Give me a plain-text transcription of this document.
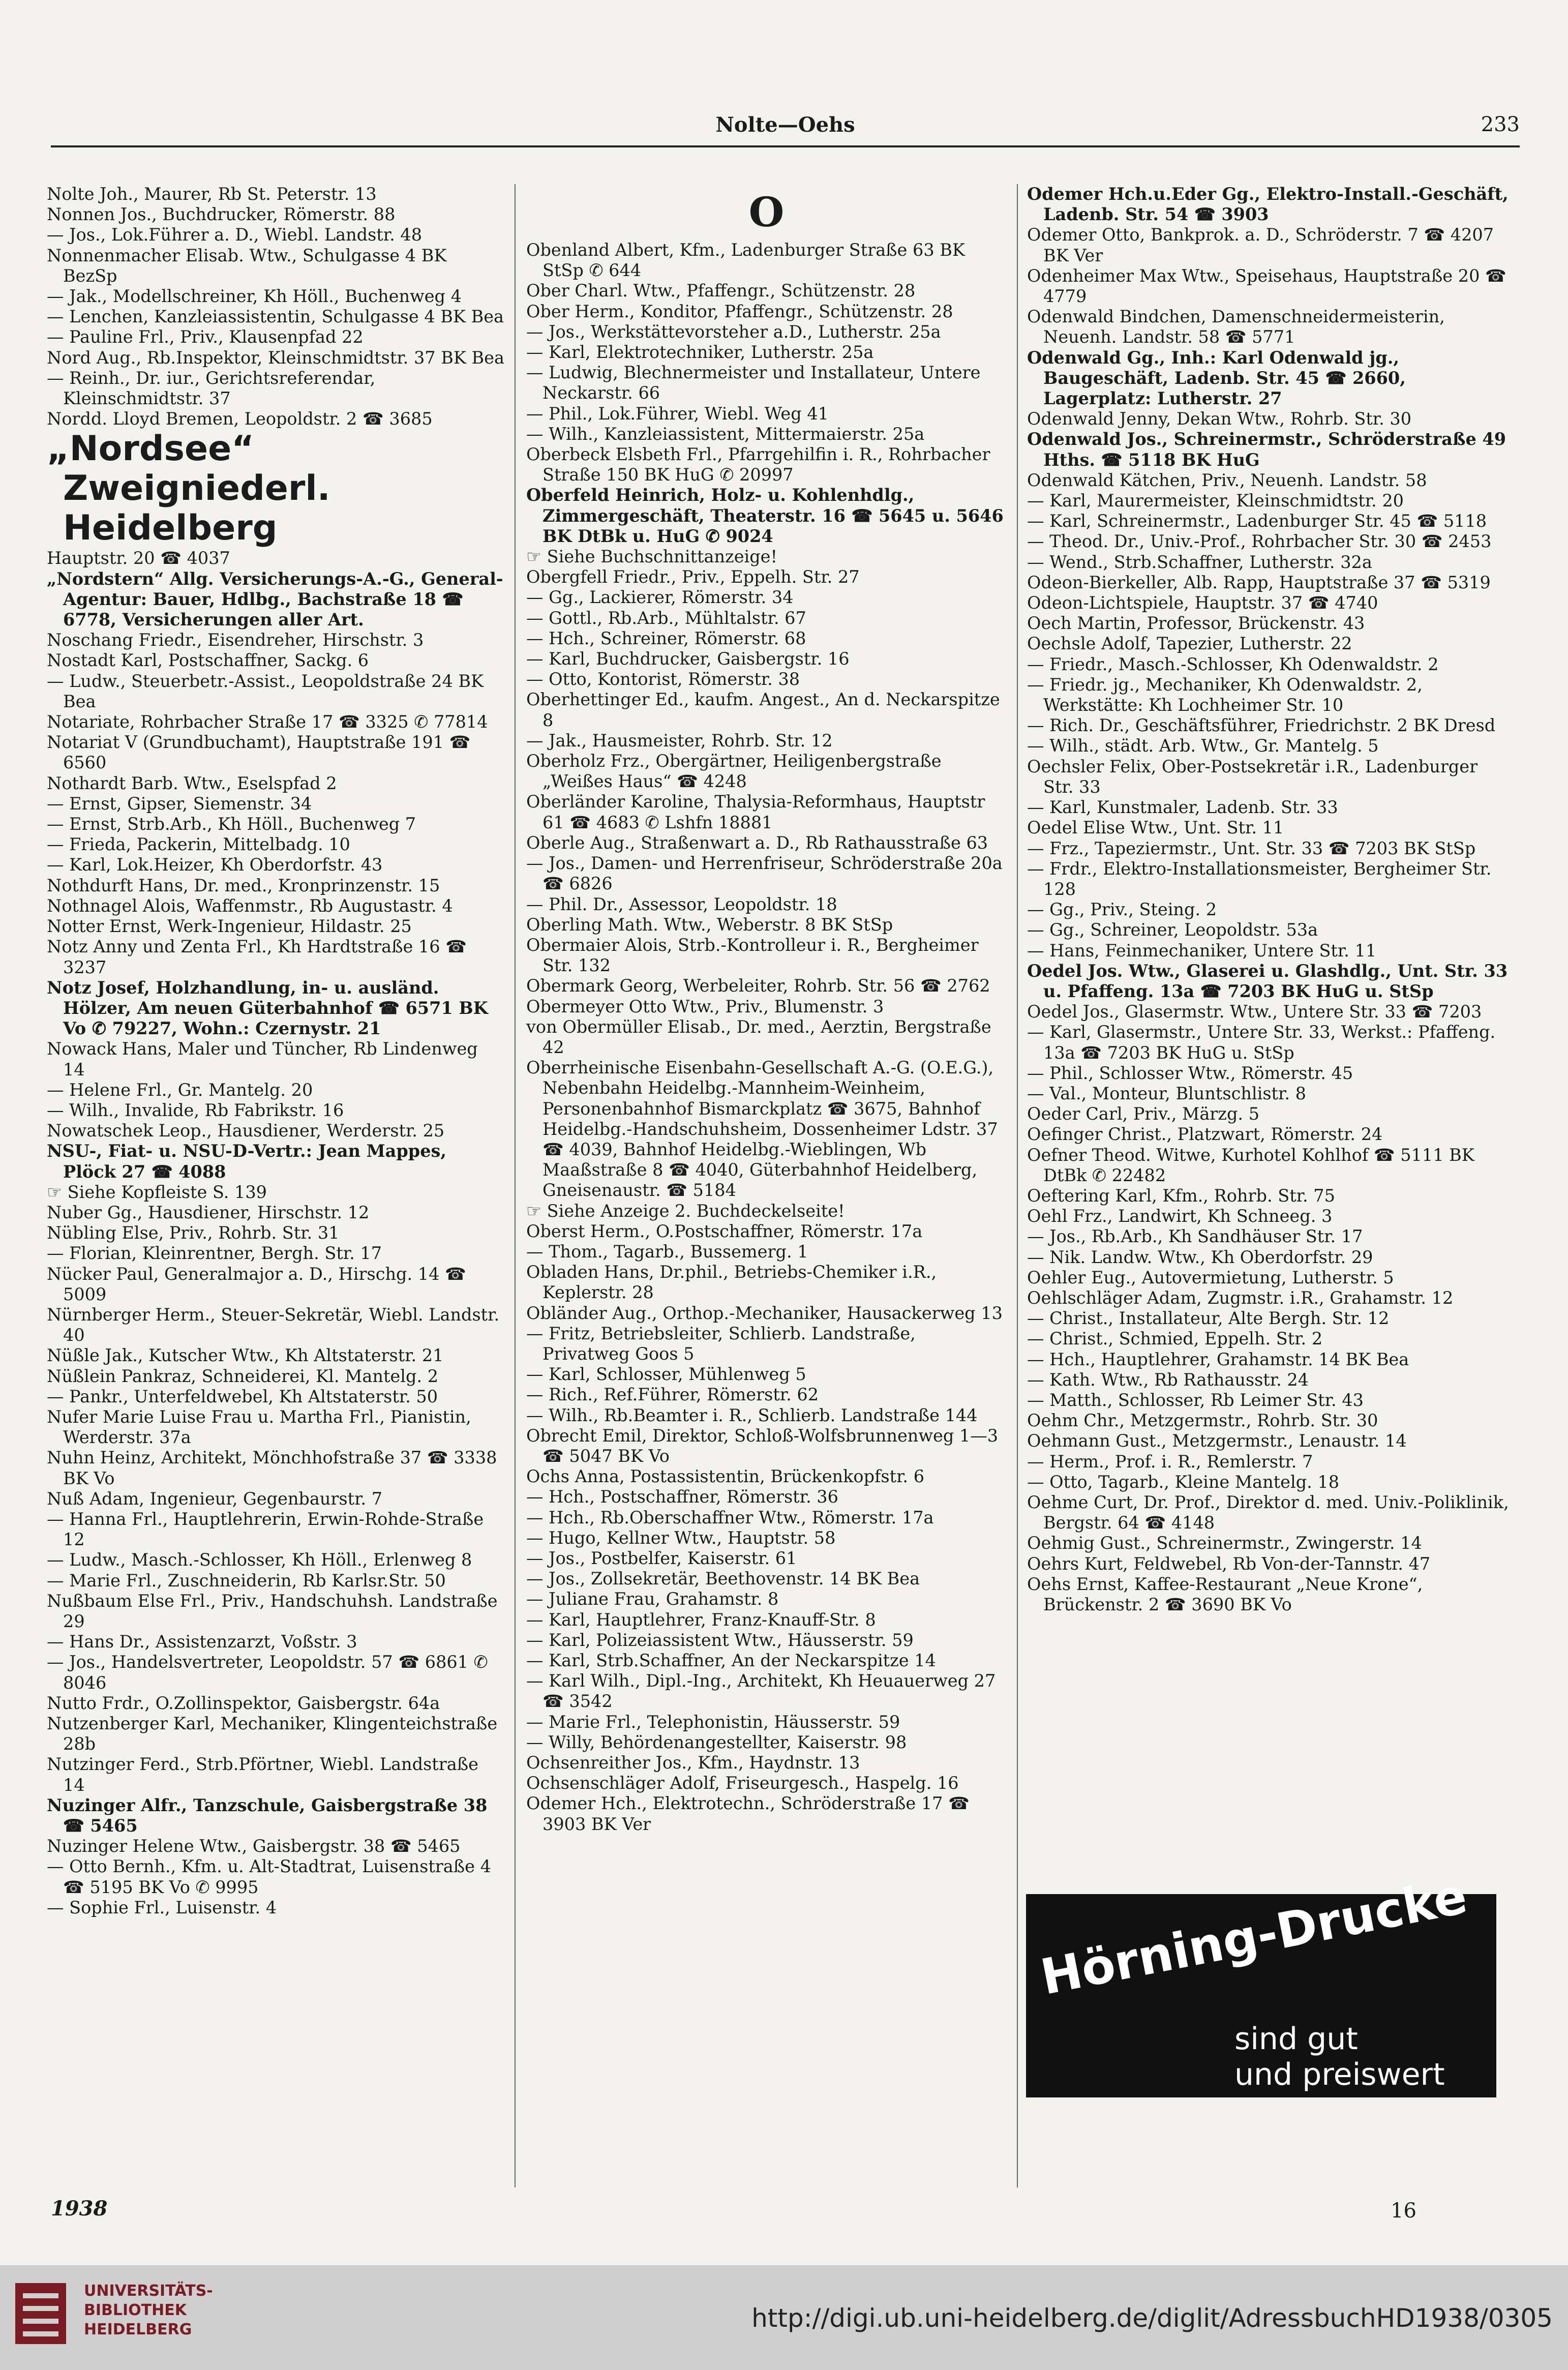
Nolte—Oehs	233
Nolte Joh., Maurer, Rb St. Peterstr. 13
Nonnen Jos., Buchdrucker, Römerstr. 88
— Jos., Lok.Führer a. D., Wiebl. Landstr. 48
Nonnenmacher Elisab. Wtw., Schulgasse 4 BK BezSp
— Jak., Modellschreiner, Kh Höll., Buchenweg 4
— Lenchen, Kanzleiassistentin, Schulgasse 4 BK Bea
— Pauline Frl., Priv., Klausenpfad 22
Nord Aug., Rb.Inspektor, Kleinschmidtstr. 37 BK Bea
— Reinh., Dr. iur., Gerichtsreferendar, Kleinschmidtstr. 37
Nordd. Lloyd Bremen, Leopoldstr. 2 ☎ 3685
„Nordsee“ Zweigniederl. Heidelberg
Hauptstr. 20 ☎ 4037
„Nordstern“ Allg. Versicherungs-A.-G., General-Agentur: Bauer, Hdlbg., Bachstraße 18 ☎ 6778, Versicherungen aller Art.
Noschang Friedr., Eisendreher, Hirschstr. 3
Nostadt Karl, Postschaffner, Sackg. 6
— Ludw., Steuerbetr.-Assist., Leopoldstraße 24 BK Bea
Notariate, Rohrbacher Straße 17 ☎ 3325 ✆ 77814
Notariat V (Grundbuchamt), Hauptstraße 191 ☎ 6560
Nothardt Barb. Wtw., Eselspfad 2
— Ernst, Gipser, Siemenstr. 34
— Ernst, Strb.Arb., Kh Höll., Buchenweg 7
— Frieda, Packerin, Mittelbadg. 10
— Karl, Lok.Heizer, Kh Oberdorfstr. 43
Nothdurft Hans, Dr. med., Kronprinzenstr. 15
Nothnagel Alois, Waffenmstr., Rb Augustastr. 4
Notter Ernst, Werk-Ingenieur, Hildastr. 25
Notz Anny und Zenta Frl., Kh Hardtstraße 16 ☎ 3237
Notz Josef, Holzhandlung, in- u. ausländ. Hölzer, Am neuen Güterbahnhof ☎ 6571 BK Vo ✆ 79227, Wohn.: Czernystr. 21
Nowack Hans, Maler und Tüncher, Rb Lindenweg 14
— Helene Frl., Gr. Mantelg. 20
— Wilh., Invalide, Rb Fabrikstr. 16
Nowatschek Leop., Hausdiener, Werderstr. 25
NSU-, Fiat- u. NSU-D-Vertr.: Jean Mappes, Plöck 27 ☎ 4088
☞ Siehe Kopfleiste S. 139
Nuber Gg., Hausdiener, Hirschstr. 12
Nübling Else, Priv., Rohrb. Str. 31
— Florian, Kleinrentner, Bergh. Str. 17
Nücker Paul, Generalmajor a. D., Hirschg. 14 ☎ 5009
Nürnberger Herm., Steuer-Sekretär, Wiebl. Landstr. 40
Nüßle Jak., Kutscher Wtw., Kh Altstaterstr. 21
Nüßlein Pankraz, Schneiderei, Kl. Mantelg. 2
— Pankr., Unterfeldwebel, Kh Altstaterstr. 50
Nufer Marie Luise Frau u. Martha Frl., Pianistin, Werderstr. 37a
Nuhn Heinz, Architekt, Mönchhofstraße 37 ☎ 3338 BK Vo
Nuß Adam, Ingenieur, Gegenbaurstr. 7
— Hanna Frl., Hauptlehrerin, Erwin-Rohde-Straße 12
— Ludw., Masch.-Schlosser, Kh Höll., Erlenweg 8
— Marie Frl., Zuschneiderin, Rb Karlsr.Str. 50
Nußbaum Else Frl., Priv., Handschuhsh. Landstraße 29
— Hans Dr., Assistenzarzt, Voßstr. 3
— Jos., Handelsvertreter, Leopoldstr. 57 ☎ 6861 ✆ 8046
Nutto Frdr., O.Zollinspektor, Gaisbergstr. 64a
Nutzenberger Karl, Mechaniker, Klingenteichstraße 28b
Nutzinger Ferd., Strb.Pförtner, Wiebl. Landstraße 14
Nuzinger Alfr., Tanzschule, Gaisbergstraße 38 ☎ 5465
Nuzinger Helene Wtw., Gaisbergstr. 38 ☎ 5465
— Otto Bernh., Kfm. u. Alt-Stadtrat, Luisenstraße 4 ☎ 5195 BK Vo ✆ 9995
— Sophie Frl., Luisenstr. 4
O
Obenland Albert, Kfm., Ladenburger Straße 63 BK StSp ✆ 644
Ober Charl. Wtw., Pfaffengr., Schützenstr. 28
Ober Herm., Konditor, Pfaffengr., Schützenstr. 28
— Jos., Werkstättevorsteher a.D., Lutherstr. 25a
— Karl, Elektrotechniker, Lutherstr. 25a
— Ludwig, Blechnermeister und Installateur, Untere Neckarstr. 66
— Phil., Lok.Führer, Wiebl. Weg 41
— Wilh., Kanzleiassistent, Mittermaierstr. 25a
Oberbeck Elsbeth Frl., Pfarrgehilfin i. R., Rohrbacher Straße 150 BK HuG ✆ 20997
Oberfeld Heinrich, Holz- u. Kohlenhdlg., Zimmergeschäft, Theaterstr. 16 ☎ 5645 u. 5646 BK DtBk u. HuG ✆ 9024
☞ Siehe Buchschnittanzeige!
Obergfell Friedr., Priv., Eppelh. Str. 27
— Gg., Lackierer, Römerstr. 34
— Gottl., Rb.Arb., Mühltalstr. 67
— Hch., Schreiner, Römerstr. 68
— Karl, Buchdrucker, Gaisbergstr. 16
— Otto, Kontorist, Römerstr. 38
Oberhettinger Ed., kaufm. Angest., An d. Neckarspitze 8
— Jak., Hausmeister, Rohrb. Str. 12
Oberholz Frz., Obergärtner, Heiligenbergstraße „Weißes Haus“ ☎ 4248
Oberländer Karoline, Thalysia-Reformhaus, Hauptstr 61 ☎ 4683 ✆ Lshfn 18881
Oberle Aug., Straßenwart a. D., Rb Rathausstraße 63
— Jos., Damen- und Herrenfriseur, Schröderstraße 20a ☎ 6826
— Phil. Dr., Assessor, Leopoldstr. 18
Oberling Math. Wtw., Weberstr. 8 BK StSp
Obermaier Alois, Strb.-Kontrolleur i. R., Bergheimer Str. 132
Obermark Georg, Werbeleiter, Rohrb. Str. 56 ☎ 2762
Obermeyer Otto Wtw., Priv., Blumenstr. 3
von Obermüller Elisab., Dr. med., Aerztin, Bergstraße 42
Oberrheinische Eisenbahn-Gesellschaft A.-G. (O.E.G.), Nebenbahn Heidelbg.-Mannheim-Weinheim, Personenbahnhof Bismarckplatz ☎ 3675, Bahnhof Heidelbg.-Handschuhsheim, Dossenheimer Ldstr. 37 ☎ 4039, Bahnhof Heidelbg.-Wieblingen, Wb Maaßstraße 8 ☎ 4040, Güterbahnhof Heidelberg, Gneisenaustr. ☎ 5184
☞ Siehe Anzeige 2. Buchdeckelseite!
Oberst Herm., O.Postschaffner, Römerstr. 17a
— Thom., Tagarb., Bussemerg. 1
Obladen Hans, Dr.phil., Betriebs-Chemiker i.R., Keplerstr. 28
Obländer Aug., Orthop.-Mechaniker, Hausackerweg 13
— Fritz, Betriebsleiter, Schlierb. Landstraße, Privatweg Goos 5
— Karl, Schlosser, Mühlenweg 5
— Rich., Ref.Führer, Römerstr. 62
— Wilh., Rb.Beamter i. R., Schlierb. Landstraße 144
Obrecht Emil, Direktor, Schloß-Wolfsbrunnenweg 1—3 ☎ 5047 BK Vo
Ochs Anna, Postassistentin, Brückenkopfstr. 6
— Hch., Postschaffner, Römerstr. 36
— Hch., Rb.Oberschaffner Wtw., Römerstr. 17a
— Hugo, Kellner Wtw., Hauptstr. 58
— Jos., Postbelfer, Kaiserstr. 61
— Jos., Zollsekretär, Beethovenstr. 14 BK Bea
— Juliane Frau, Grahamstr. 8
— Karl, Hauptlehrer, Franz-Knauff-Str. 8
— Karl, Polizeiassistent Wtw., Häusserstr. 59
— Karl, Strb.Schaffner, An der Neckarspitze 14
— Karl Wilh., Dipl.-Ing., Architekt, Kh Heuauerweg 27 ☎ 3542
— Marie Frl., Telephonistin, Häusserstr. 59
— Willy, Behördenangestellter, Kaiserstr. 98
Ochsenreither Jos., Kfm., Haydnstr. 13
Ochsenschläger Adolf, Friseurgesch., Haspelg. 16
Odemer Hch., Elektrotechn., Schröderstraße 17 ☎ 3903 BK Ver
Odemer Hch.u.Eder Gg., Elektro-Install.-Geschäft, Ladenb. Str. 54 ☎ 3903
Odemer Otto, Bankprok. a. D., Schröderstr. 7 ☎ 4207 BK Ver
Odenheimer Max Wtw., Speisehaus, Hauptstraße 20 ☎ 4779
Odenwald Bindchen, Damenschneidermeisterin, Neuenh. Landstr. 58 ☎ 5771
Odenwald Gg., Inh.: Karl Odenwald jg., Baugeschäft, Ladenb. Str. 45 ☎ 2660, Lagerplatz: Lutherstr. 27
Odenwald Jenny, Dekan Wtw., Rohrb. Str. 30
Odenwald Jos., Schreinermstr., Schröderstraße 49 Hths. ☎ 5118 BK HuG
Odenwald Kätchen, Priv., Neuenh. Landstr. 58
— Karl, Maurermeister, Kleinschmidtstr. 20
— Karl, Schreinermstr., Ladenburger Str. 45 ☎ 5118
— Theod. Dr., Univ.-Prof., Rohrbacher Str. 30 ☎ 2453
— Wend., Strb.Schaffner, Lutherstr. 32a
Odeon-Bierkeller, Alb. Rapp, Hauptstraße 37 ☎ 5319
Odeon-Lichtspiele, Hauptstr. 37 ☎ 4740
Oech Martin, Professor, Brückenstr. 43
Oechsle Adolf, Tapezier, Lutherstr. 22
— Friedr., Masch.-Schlosser, Kh Odenwaldstr. 2
— Friedr. jg., Mechaniker, Kh Odenwaldstr. 2, Werkstätte: Kh Lochheimer Str. 10
— Rich. Dr., Geschäftsführer, Friedrichstr. 2 BK Dresd
— Wilh., städt. Arb. Wtw., Gr. Mantelg. 5
Oechsler Felix, Ober-Postsekretär i.R., Ladenburger Str. 33
— Karl, Kunstmaler, Ladenb. Str. 33
Oedel Elise Wtw., Unt. Str. 11
— Frz., Tapeziermstr., Unt. Str. 33 ☎ 7203 BK StSp
— Frdr., Elektro-Installationsmeister, Bergheimer Str. 128
— Gg., Priv., Steing. 2
— Gg., Schreiner, Leopoldstr. 53a
— Hans, Feinmechaniker, Untere Str. 11
Oedel Jos. Wtw., Glaserei u. Glashdlg., Unt. Str. 33 u. Pfaffeng. 13a ☎ 7203 BK HuG u. StSp
Oedel Jos., Glasermstr. Wtw., Untere Str. 33 ☎ 7203
— Karl, Glasermstr., Untere Str. 33, Werkst.: Pfaffeng. 13a ☎ 7203 BK HuG u. StSp
— Phil., Schlosser Wtw., Römerstr. 45
— Val., Monteur, Bluntschlistr. 8
Oeder Carl, Priv., Märzg. 5
Oefinger Christ., Platzwart, Römerstr. 24
Oefner Theod. Witwe, Kurhotel Kohlhof ☎ 5111 BK DtBk ✆ 22482
Oeftering Karl, Kfm., Rohrb. Str. 75
Oehl Frz., Landwirt, Kh Schneeg. 3
— Jos., Rb.Arb., Kh Sandhäuser Str. 17
— Nik. Landw. Wtw., Kh Oberdorfstr. 29
Oehler Eug., Autovermietung, Lutherstr. 5
Oehlschläger Adam, Zugmstr. i.R., Grahamstr. 12
— Christ., Installateur, Alte Bergh. Str. 12
— Christ., Schmied, Eppelh. Str. 2
— Hch., Hauptlehrer, Grahamstr. 14 BK Bea
— Kath. Wtw., Rb Rathausstr. 24
— Matth., Schlosser, Rb Leimer Str. 43
Oehm Chr., Metzgermstr., Rohrb. Str. 30
Oehmann Gust., Metzgermstr., Lenaustr. 14
— Herm., Prof. i. R., Remlerstr. 7
— Otto, Tagarb., Kleine Mantelg. 18
Oehme Curt, Dr. Prof., Direktor d. med. Univ.-Poliklinik, Bergstr. 64 ☎ 4148
Oehmig Gust., Schreinermstr., Zwingerstr. 14
Oehrs Kurt, Feldwebel, Rb Von-der-Tannstr. 47
Oehs Ernst, Kaffee-Restaurant „Neue Krone“, Brückenstr. 2 ☎ 3690 BK Vo
Hörning-Drucke
sind gut
und preiswert
1938	16
UNIVERSITÄTS-
BIBLIOTHEK
HEIDELBERG	http://digi.ub.uni-heidelberg.de/diglit/AdressbuchHD1938/0305
